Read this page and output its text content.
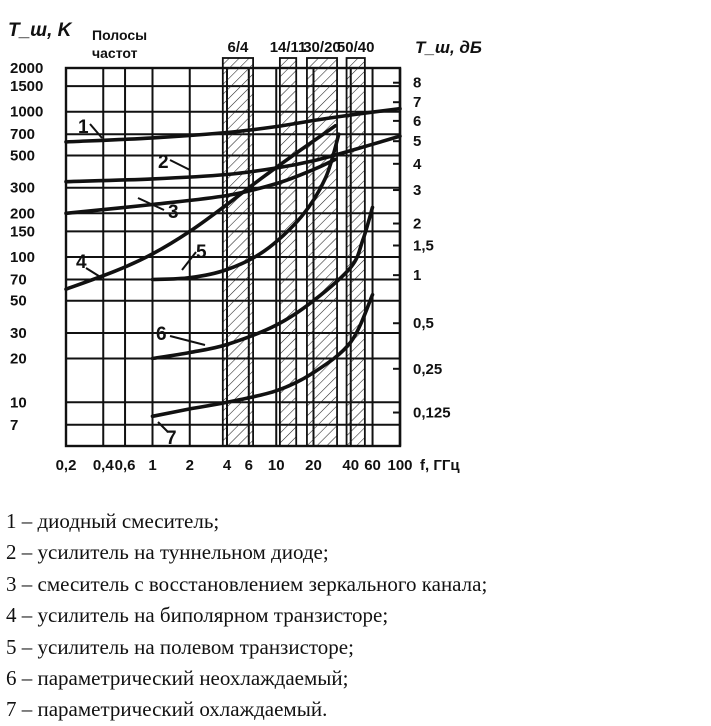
6/4 14/11
30/20
50/40
2000
1500
1000
700
500
300
200
150
100
70
50
30
20
10
7
0,2 0,4 0,6 1 2 4 6 10 20 40 60 100
8
7
6
5
4
3
2
1,5
1
0,5
0,25
0,125
1
2
3
4	5
6
7
T_ш, K
T_ш, дБ
f, ГГц
Полосы
частот
1 – диодный смеситель;
2 – усилитель на туннельном диоде;
3 – смеситель с восстановлением зеркального канала;
4 – усилитель на биполярном транзисторе;
5 – усилитель на полевом транзисторе;
6 – параметрический неохлаждаемый;
7 – параметрический охлаждаемый.
